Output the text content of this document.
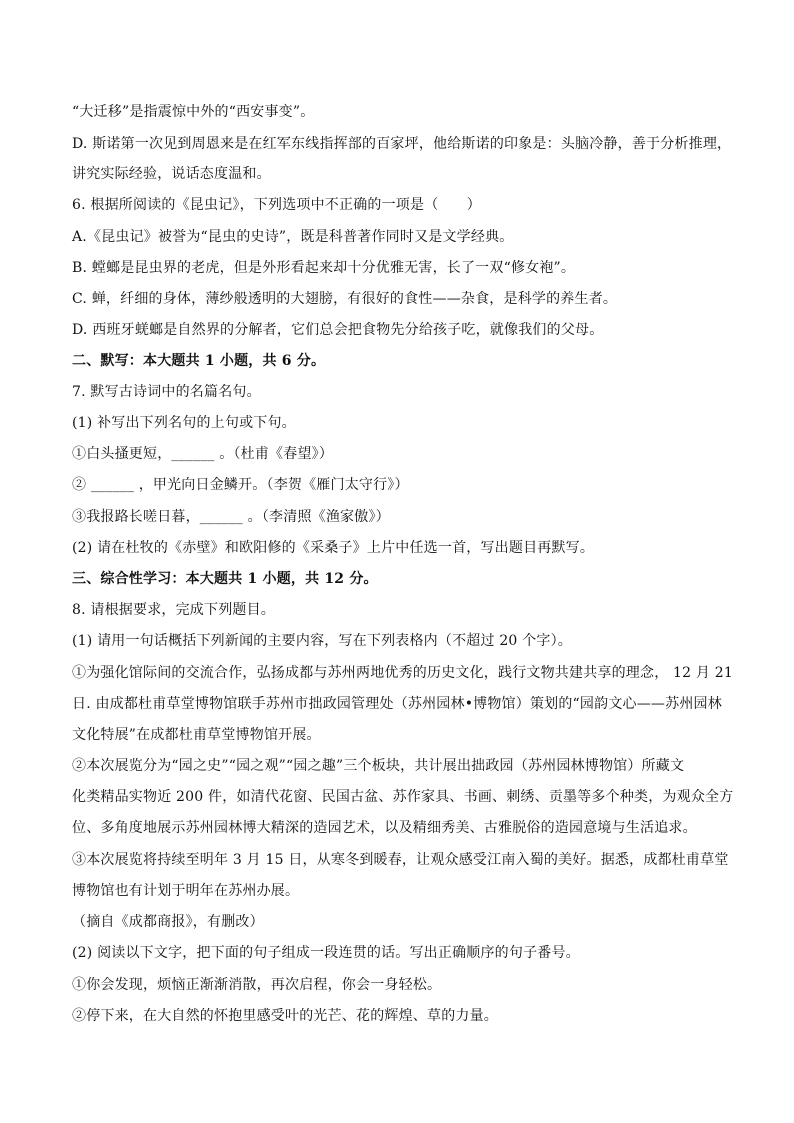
“大迁移”是指震惊中外的“西安事变”。
D. 斯诺第一次见到周恩来是在红军东线指挥部的百家坪，他给斯诺的印象是：头脑冷静，善于分析推理，
讲究实际经验，说话态度温和。
6. 根据所阅读的《昆虫记》，下列选项中不正确的一项是（　　）
A.《昆虫记》被誉为“昆虫的史诗”，既是科普著作同时又是文学经典。
B. 螳螂是昆虫界的老虎，但是外形看起来却十分优雅无害，长了一双“修女袍”。
C. 蝉，纤细的身体，薄纱般透明的大翅膀，有很好的食性——杂食，是科学的养生者。
D. 西班牙蜣螂是自然界的分解者，它们总会把食物先分给孩子吃，就像我们的父母。
二、默写：本大题共 1 小题，共 6 分。
7. 默写古诗词中的名篇名句。
(1) 补写出下列名句的上句或下句。
①白头搔更短，______ 。（杜甫《春望》）
② ______ ，甲光向日金鳞开。（李贺《雁门太守行》）
③我报路长嗟日暮，______ 。（李清照《渔家傲》）
(2) 请在杜牧的《赤壁》和欧阳修的《采桑子》上片中任选一首，写出题目再默写。
三、综合性学习：本大题共 1 小题，共 12 分。
8. 请根据要求，完成下列题目。
(1) 请用一句话概括下列新闻的主要内容，写在下列表格内（不超过 20 个字）。
①为强化馆际间的交流合作，弘扬成都与苏州两地优秀的历史文化，践行文物共建共享的理念， 12 月 21
日. 由成都杜甫草堂博物馆联手苏州市拙政园管理处（苏州园林•博物馆）策划的“园韵文心——苏州园林
文化特展”在成都杜甫草堂博物馆开展。
②本次展览分为“园之史”“园之观”“园之趣”三个板块，共计展出拙政园（苏州园林博物馆）所藏文
化类精品实物近 200 件，如清代花窗、民国古盆、苏作家具、书画、刺绣、贡墨等多个种类，为观众全方
位、多角度地展示苏州园林博大精深的造园艺术，以及精细秀美、古雅脱俗的造园意境与生活追求。
③本次展览将持续至明年 3 月 15 日，从寒冬到暖春，让观众感受江南入蜀的美好。据悉，成都杜甫草堂
博物馆也有计划于明年在苏州办展。
（摘自《成都商报》，有删改）
(2) 阅读以下文字，把下面的句子组成一段连贯的话。写出正确顺序的句子番号。
①你会发现，烦恼正渐渐消散，再次启程，你会一身轻松。
②停下来，在大自然的怀抱里感受叶的光芒、花的辉煌、草的力量。
